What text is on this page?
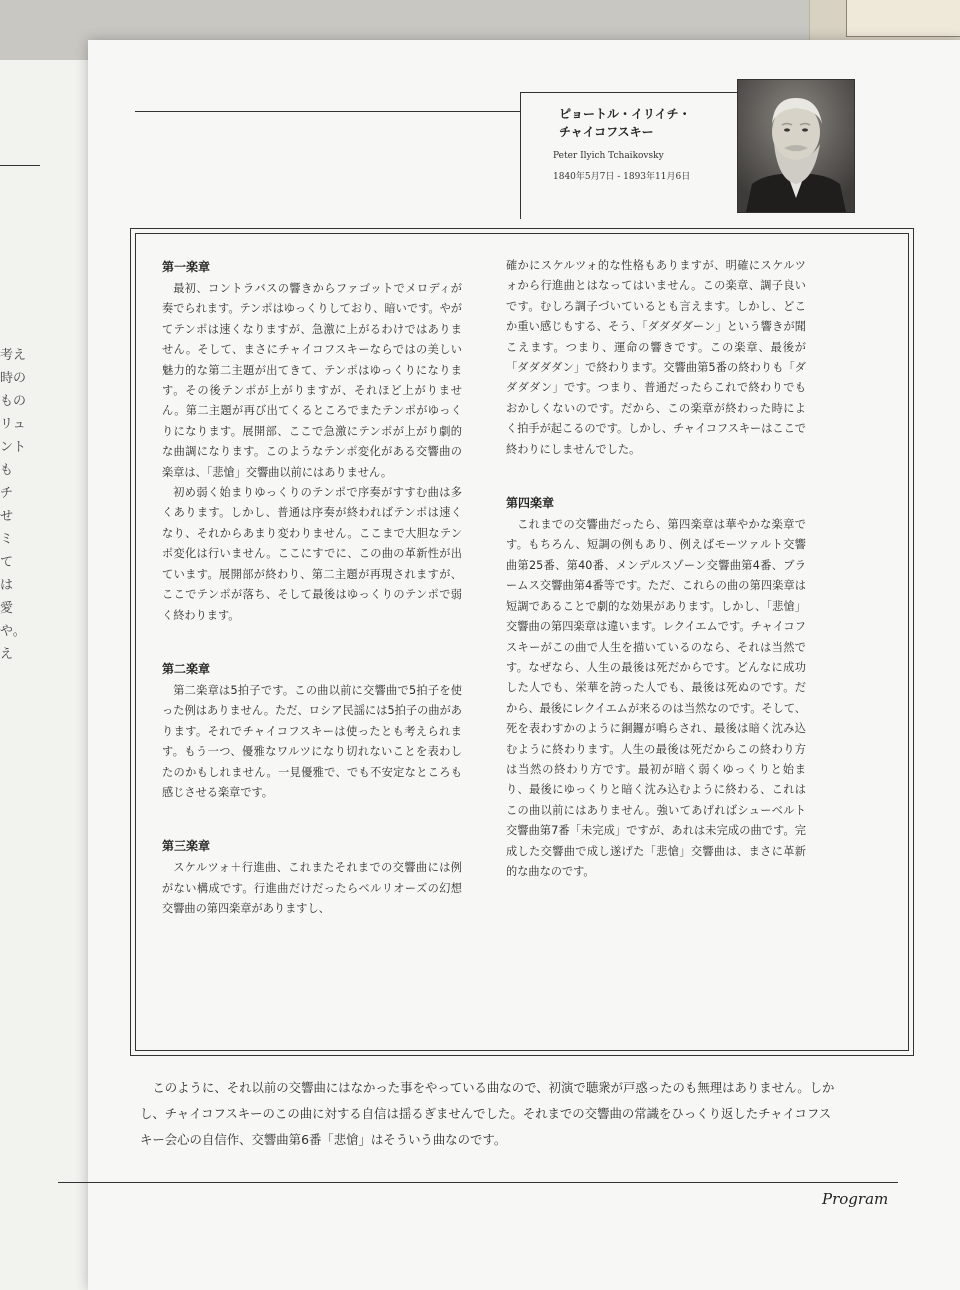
考え
時の
もの
リュ
ント
も
チ
せ
ミ
て
は
愛
や。
え
ピョートル・イリイチ・
チャイコフスキー
Peter Ilyich Tchaikovsky
1840年5月7日 - 1893年11月6日
第一楽章

最初、コントラバスの響きからファゴットでメロディが奏でられます。テンポはゆっくりしており、暗いです。やがてテンポは速くなりますが、急激に上がるわけではありません。そして、まさにチャイコフスキーならではの美しい魅力的な第二主題が出てきて、テンポはゆっくりになります。その後テンポが上がりますが、それほど上がりません。第二主題が再び出てくるところでまたテンポがゆっくりになります。展開部、ここで急激にテンポが上がり劇的な曲調になります。このようなテンポ変化がある交響曲の楽章は、「悲愴」交響曲以前にはありません。

初め弱く始まりゆっくりのテンポで序奏がすすむ曲は多くあります。しかし、普通は序奏が終わればテンポは速くなり、それからあまり変わりません。ここまで大胆なテンポ変化は行いません。ここにすでに、この曲の革新性が出ています。展開部が終わり、第二主題が再現されますが、ここでテンポが落ち、そして最後はゆっくりのテンポで弱く終わります。

第二楽章

第二楽章は5拍子です。この曲以前に交響曲で5拍子を使った例はありません。ただ、ロシア民謡には5拍子の曲があります。それでチャイコフスキーは使ったとも考えられます。もう一つ、優雅なワルツになり切れないことを表わしたのかもしれません。一見優雅で、でも不安定なところも感じさせる楽章です。

第三楽章

スケルツォ＋行進曲、これまたそれまでの交響曲には例がない構成です。行進曲だけだったらベルリオーズの幻想交響曲の第四楽章がありますし、

確かにスケルツォ的な性格もありますが、明確にスケルツォから行進曲とはなってはいません。この楽章、調子良いです。むしろ調子づいているとも言えます。しかし、どこか重い感じもする、そう、「ダダダダーン」という響きが聞こえます。つまり、運命の響きです。この楽章、最後が「ダダダダン」で終わります。交響曲第5番の終わりも「ダダダダン」です。つまり、普通だったらこれで終わりでもおかしくないのです。だから、この楽章が終わった時によく拍手が起こるのです。しかし、チャイコフスキーはここで終わりにしませんでした。

第四楽章

これまでの交響曲だったら、第四楽章は華やかな楽章です。もちろん、短調の例もあり、例えばモーツァルト交響曲第25番、第40番、メンデルスゾーン交響曲第4番、ブラームス交響曲第4番等です。ただ、これらの曲の第四楽章は短調であることで劇的な効果があります。しかし、「悲愴」交響曲の第四楽章は違います。レクイエムです。チャイコフスキーがこの曲で人生を描いているのなら、それは当然です。なぜなら、人生の最後は死だからです。どんなに成功した人でも、栄華を誇った人でも、最後は死ぬのです。だから、最後にレクイエムが来るのは当然なのです。そして、死を表わすかのように銅鑼が鳴らされ、最後は暗く沈み込むように終わります。人生の最後は死だからこの終わり方は当然の終わり方です。最初が暗く弱くゆっくりと始まり、最後にゆっくりと暗く沈み込むように終わる、これはこの曲以前にはありません。強いてあげればシューベルト交響曲第7番「未完成」ですが、あれは未完成の曲です。完成した交響曲で成し遂げた「悲愴」交響曲は、まさに革新的な曲なのです。

このように、それ以前の交響曲にはなかった事をやっている曲なので、初演で聴衆が戸惑ったのも無理はありません。しかし、チャイコフスキーのこの曲に対する自信は揺るぎませんでした。それまでの交響曲の常識をひっくり返したチャイコフスキー会心の自信作、交響曲第6番「悲愴」はそういう曲なのです。

Program
